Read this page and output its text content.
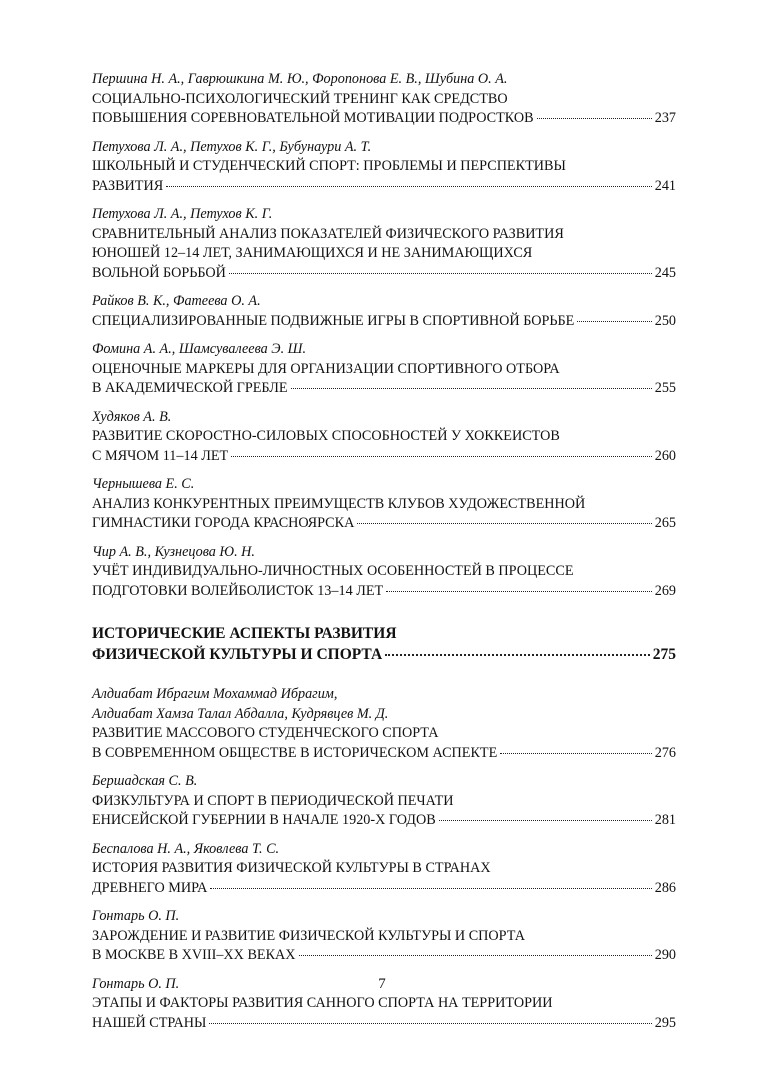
Першина Н. А., Гаврюшкина М. Ю., Форопонова Е. В., Шубина О. А.
СОЦИАЛЬНО-ПСИХОЛОГИЧЕСКИЙ ТРЕНИНГ КАК СРЕДСТВО
ПОВЫШЕНИЯ СОРЕВНОВАТЕЛЬНОЙ МОТИВАЦИИ ПОДРОСТКОВ	237
Петухова Л. А., Петухов К. Г., Бубунаури А. Т.
ШКОЛЬНЫЙ И СТУДЕНЧЕСКИЙ СПОРТ: ПРОБЛЕМЫ И ПЕРСПЕКТИВЫ
РАЗВИТИЯ	241
Петухова Л. А., Петухов К. Г.
СРАВНИТЕЛЬНЫЙ АНАЛИЗ ПОКАЗАТЕЛЕЙ ФИЗИЧЕСКОГО РАЗВИТИЯ
ЮНОШЕЙ 12–14 ЛЕТ, ЗАНИМАЮЩИХСЯ И НЕ ЗАНИМАЮЩИХСЯ
ВОЛЬНОЙ БОРЬБОЙ	245
Райков В. К., Фатеева О. А.
СПЕЦИАЛИЗИРОВАННЫЕ ПОДВИЖНЫЕ ИГРЫ В СПОРТИВНОЙ БОРЬБЕ	250
Фомина А. А., Шамсувалеева Э. Ш.
ОЦЕНОЧНЫЕ МАРКЕРЫ ДЛЯ ОРГАНИЗАЦИИ СПОРТИВНОГО ОТБОРА
В АКАДЕМИЧЕСКОЙ ГРЕБЛЕ	255
Худяков А. В.
РАЗВИТИЕ СКОРОСТНО-СИЛОВЫХ СПОСОБНОСТЕЙ У ХОККЕИСТОВ
С МЯЧОМ 11–14 ЛЕТ	260
Чернышева Е. С.
АНАЛИЗ КОНКУРЕНТНЫХ ПРЕИМУЩЕСТВ КЛУБОВ ХУДОЖЕСТВЕННОЙ
ГИМНАСТИКИ ГОРОДА КРАСНОЯРСКА	265
Чир А. В., Кузнецова Ю. Н.
УЧЁТ ИНДИВИДУАЛЬНО-ЛИЧНОСТНЫХ ОСОБЕННОСТЕЙ В ПРОЦЕССЕ
ПОДГОТОВКИ ВОЛЕЙБОЛИСТОК 13–14 ЛЕТ	269
ИСТОРИЧЕСКИЕ АСПЕКТЫ РАЗВИТИЯ
ФИЗИЧЕСКОЙ КУЛЬТУРЫ И СПОРТА	275
Алдиабат Ибрагим Мохаммад Ибрагим,
Алдиабат Хамза Талал Абдалла, Кудрявцев М. Д.
РАЗВИТИЕ МАССОВОГО СТУДЕНЧЕСКОГО СПОРТА
В СОВРЕМЕННОМ ОБЩЕСТВЕ В ИСТОРИЧЕСКОМ АСПЕКТЕ	276
Бершадская С. В.
ФИЗКУЛЬТУРА И СПОРТ В ПЕРИОДИЧЕСКОЙ ПЕЧАТИ
ЕНИСЕЙСКОЙ ГУБЕРНИИ В НАЧАЛЕ 1920-Х ГОДОВ	281
Беспалова Н. А., Яковлева Т. С.
ИСТОРИЯ РАЗВИТИЯ ФИЗИЧЕСКОЙ КУЛЬТУРЫ В СТРАНАХ
ДРЕВНЕГО МИРА	286
Гонтарь О. П.
ЗАРОЖДЕНИЕ И РАЗВИТИЕ ФИЗИЧЕСКОЙ КУЛЬТУРЫ И СПОРТА
В МОСКВЕ В XVIII–XX ВЕКАХ	290
Гонтарь О. П.
ЭТАПЫ И ФАКТОРЫ РАЗВИТИЯ САННОГО СПОРТА НА ТЕРРИТОРИИ
НАШЕЙ СТРАНЫ	295
7
